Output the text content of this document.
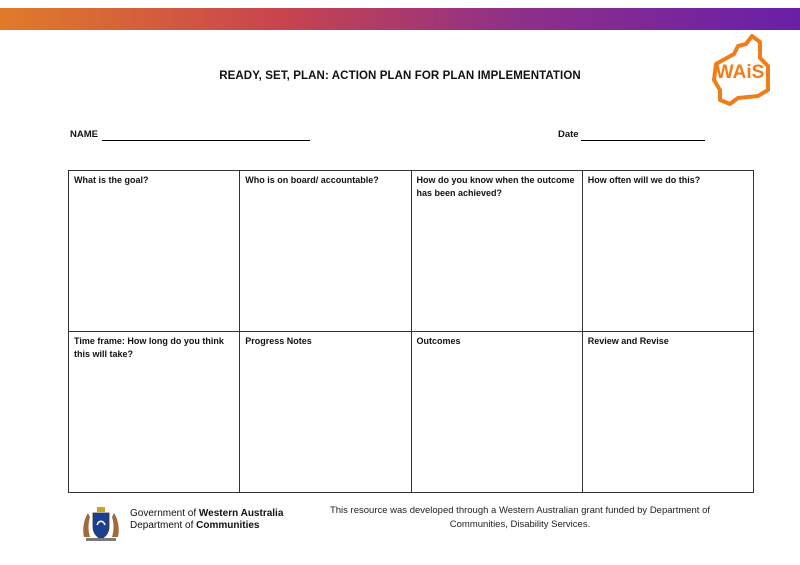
WAiS
READY, SET, PLAN: ACTION PLAN FOR PLAN IMPLEMENTATION
NAME	Date
What is the goal?	Who is on board/ accountable?	How do you know when the outcome has been achieved?	How often will we do this?
Time frame: How long do you think this will take?	Progress Notes	Outcomes	Review and Revise
Government of Western Australia
Department of Communities
This resource was developed through a Western Australian grant funded by Department of Communities, Disability Services.
